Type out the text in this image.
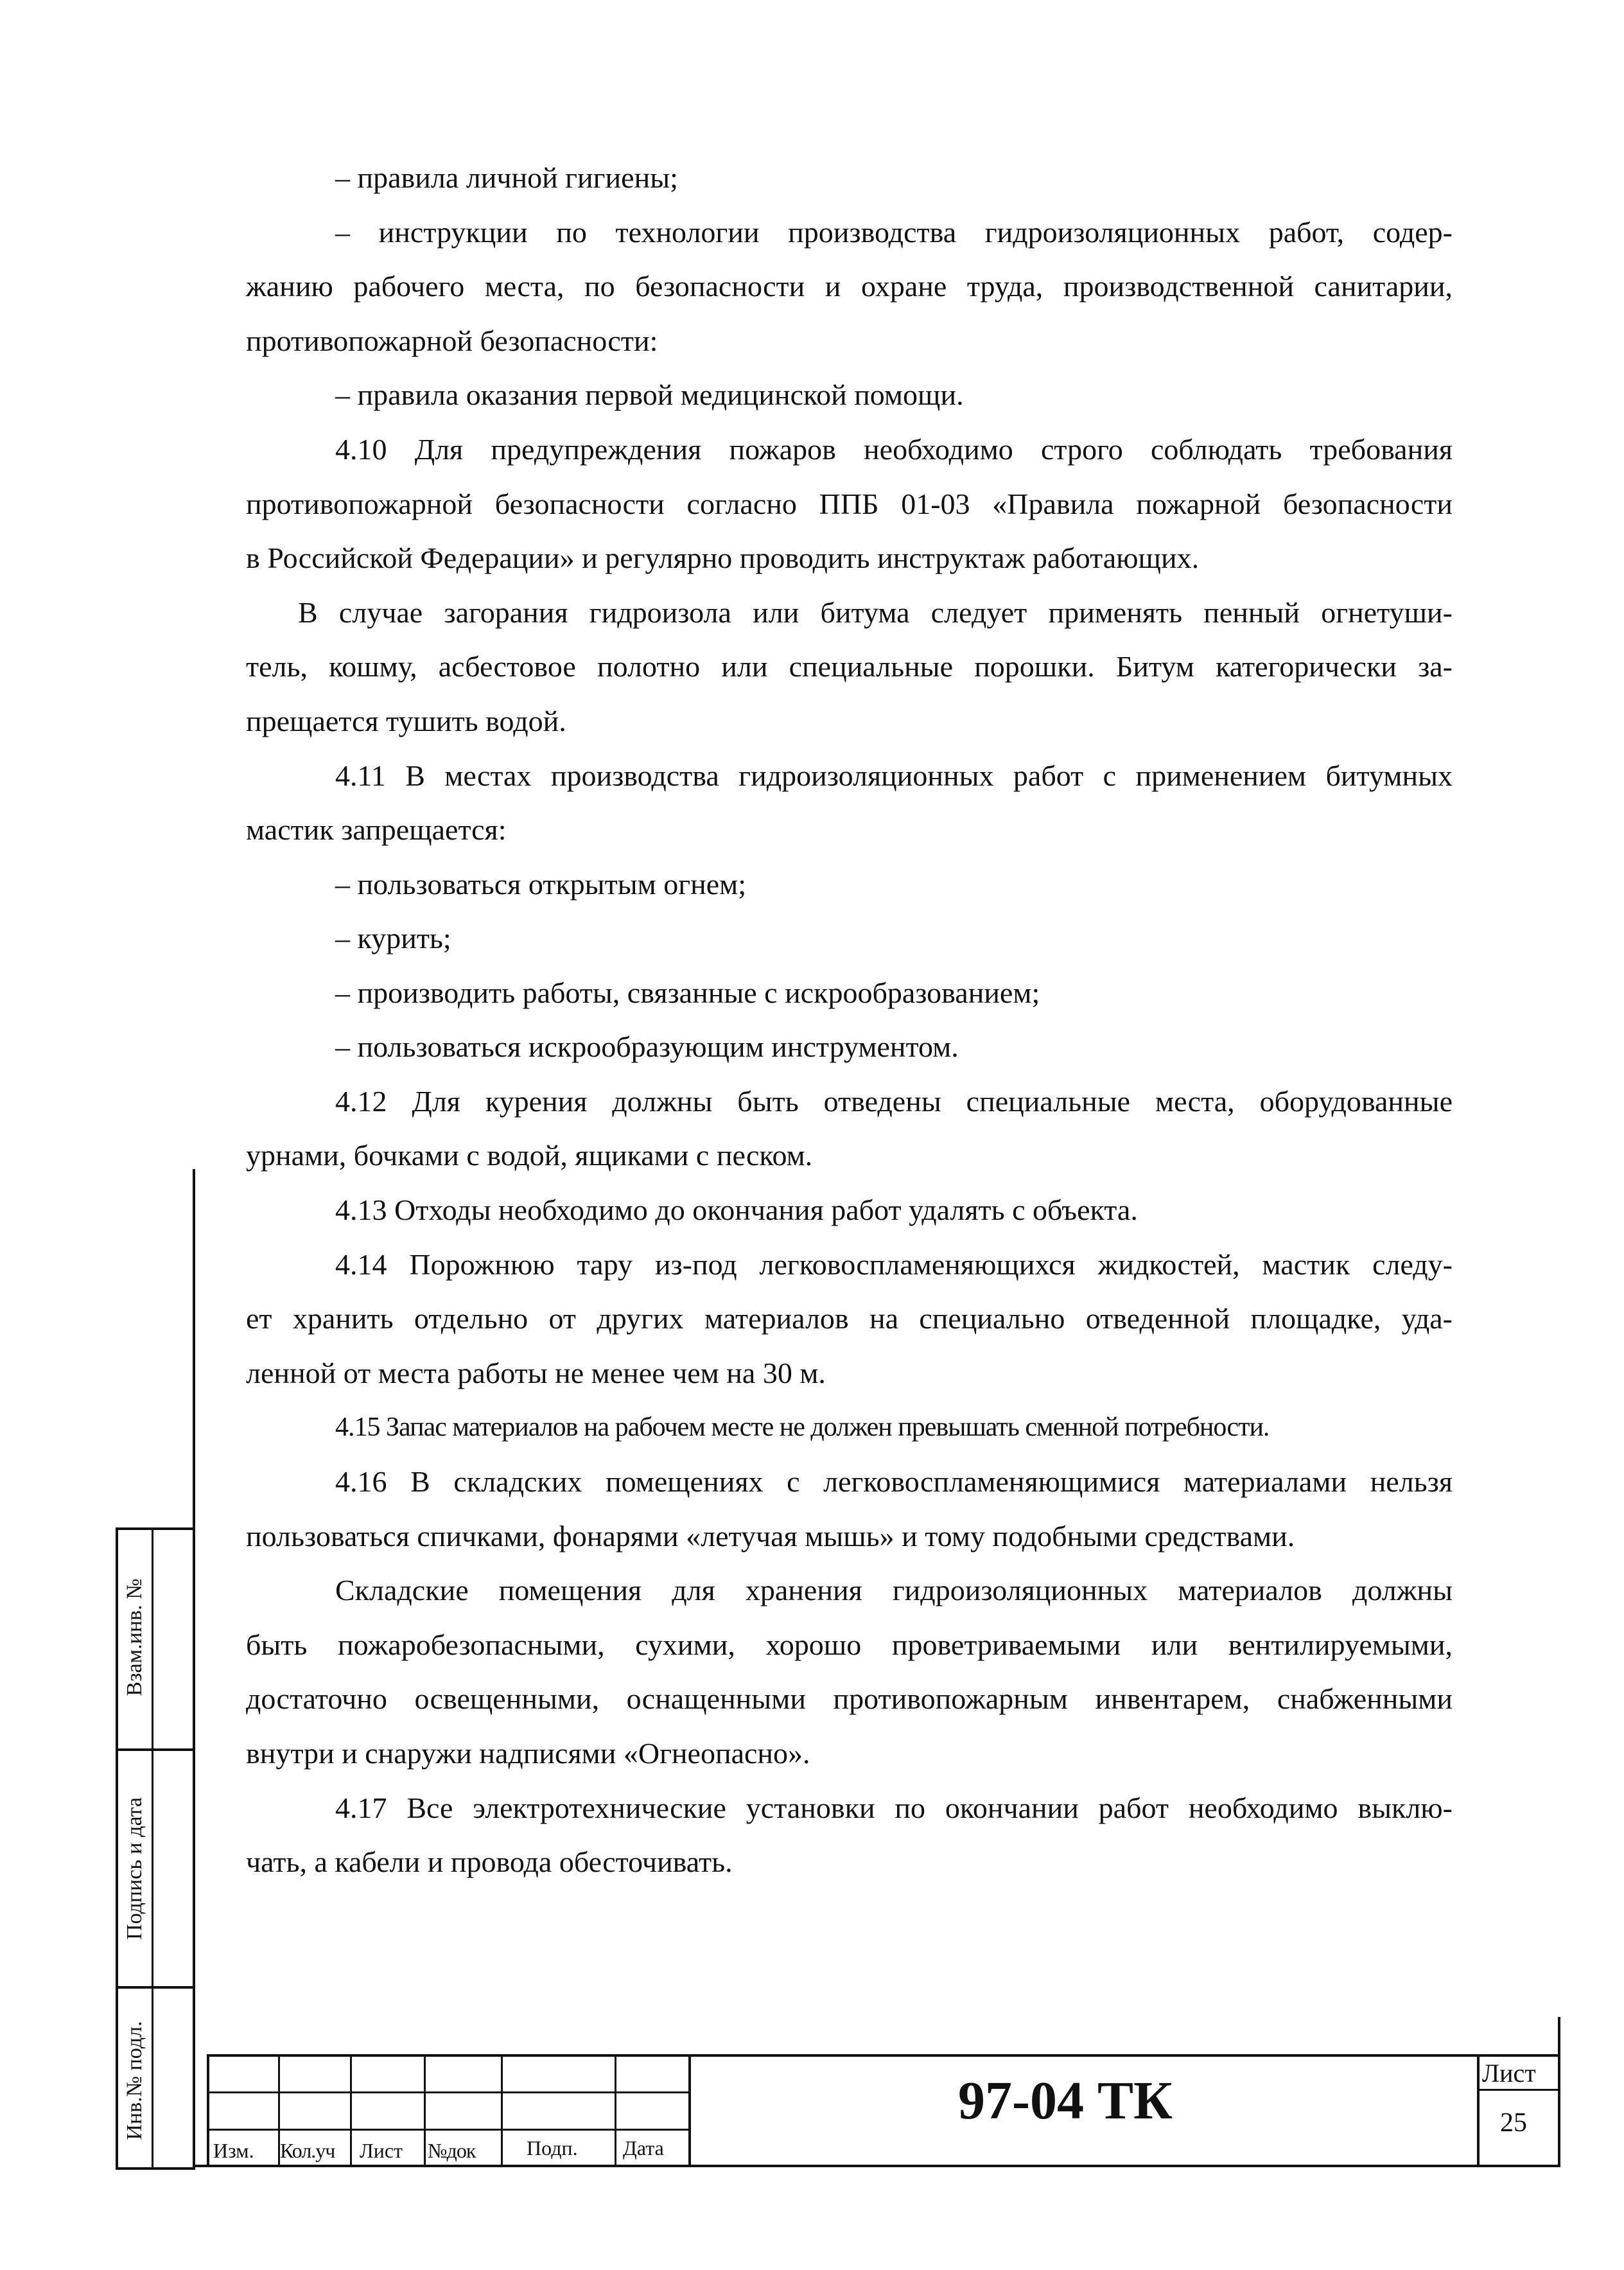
– правила личной гигиены;
– инструкции по технологии производства гидроизоляционных работ, содер-
жанию рабочего места, по безопасности и охране труда, производственной санитарии,
противопожарной безопасности:
– правила оказания первой медицинской помощи.
4.10 Для предупреждения пожаров необходимо строго соблюдать требования
противопожарной безопасности согласно ППБ 01-03 «Правила пожарной безопасности
в Российской Федерации» и регулярно проводить инструктаж работающих.
В случае загорания гидроизола или битума следует применять пенный огнетуши-
тель, кошму, асбестовое полотно или специальные порошки. Битум категорически за-
прещается тушить водой.
4.11 В местах производства гидроизоляционных работ с применением битумных
мастик запрещается:
– пользоваться открытым огнем;
– курить;
– производить работы, связанные с искрообразованием;
– пользоваться искрообразующим инструментом.
4.12 Для курения должны быть отведены специальные места, оборудованные
урнами, бочками с водой, ящиками с песком.
4.13 Отходы необходимо до окончания работ удалять с объекта.
4.14 Порожнюю тару из-под легковоспламеняющихся жидкостей, мастик следу-
ет хранить отдельно от других материалов на специально отведенной площадке, уда-
ленной от места работы не менее чем на 30 м.
4.15 Запас материалов на рабочем месте не должен превышать сменной потребности.
4.16 В складских помещениях с легковоспламеняющимися материалами нельзя
пользоваться спичками, фонарями «летучая мышь» и тому подобными средствами.
Складские помещения для хранения гидроизоляционных материалов должны
быть пожаробезопасными, сухими, хорошо проветриваемыми или вентилируемыми,
достаточно освещенными, оснащенными противопожарным инвентарем, снабженными
внутри и снаружи надписями «Огнеопасно».
4.17 Все электротехнические установки по окончании работ необходимо выклю-
чать, а кабели и провода обесточивать.
Взам.инв. №
Подпись и дата
Инв.№ подл.
Изм. Кол.уч Лист №док Подп. Дата
97-04 ТК	Лист
25
